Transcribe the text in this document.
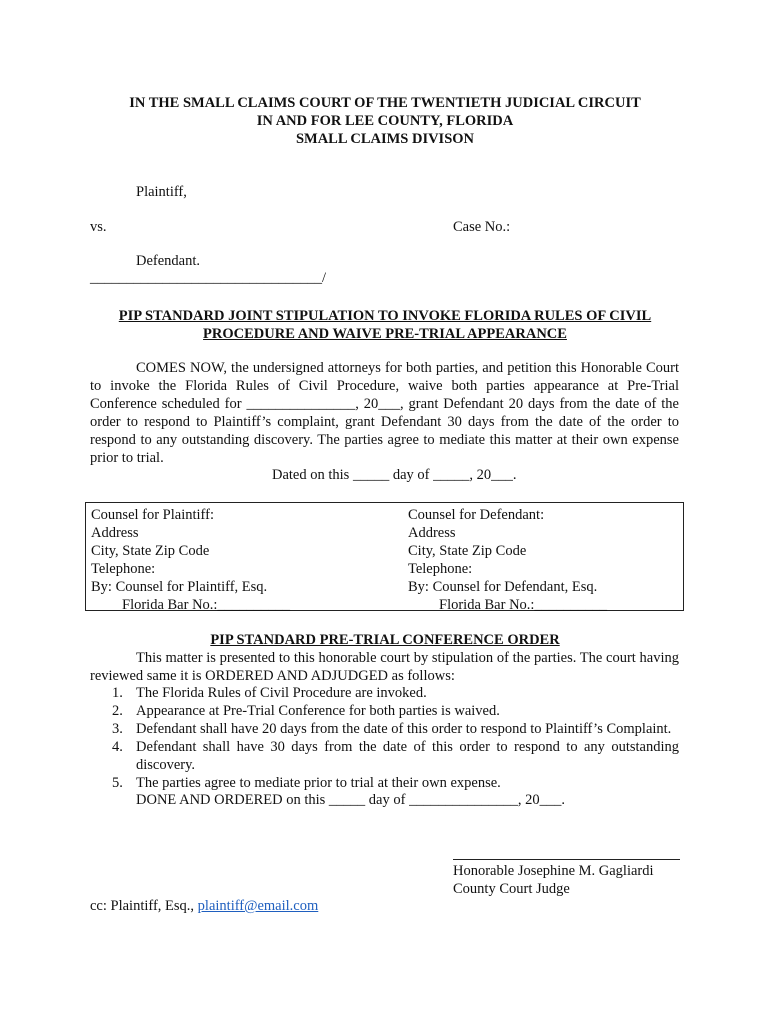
IN THE SMALL CLAIMS COURT OF THE TWENTIETH JUDICIAL CIRCUIT
IN AND FOR LEE COUNTY, FLORIDA
SMALL CLAIMS DIVISON
Plaintiff,
vs.	Case No.:
Defendant.
________________________________/
PIP STANDARD JOINT STIPULATION TO INVOKE FLORIDA RULES OF CIVIL
PROCEDURE AND WAIVE PRE-TRIAL APPEARANCE
COMES NOW, the undersigned attorneys for both parties, and petition this Honorable Court to invoke the Florida Rules of Civil Procedure, waive both parties appearance at Pre-Trial Conference scheduled for _______________, 20___, grant Defendant 20 days from the date of the order to respond to Plaintiff’s complaint, grant Defendant 30 days from the date of the order to respond to any outstanding discovery. The parties agree to mediate this matter at their own expense prior to trial.
Dated on this _____ day of _____, 20___.
Counsel for Plaintiff:
Address
City, State Zip Code
Telephone:
By: Counsel for Plaintiff, Esq.
Florida Bar No.:__________
Counsel for Defendant:
Address
City, State Zip Code
Telephone:
By: Counsel for Defendant, Esq.
Florida Bar No.:__________
PIP STANDARD PRE-TRIAL CONFERENCE ORDER
This matter is presented to this honorable court by stipulation of the parties. The court having reviewed same it is ORDERED AND ADJUDGED as follows:
1. The Florida Rules of Civil Procedure are invoked.
2. Appearance at Pre-Trial Conference for both parties is waived.
3. Defendant shall have 20 days from the date of this order to respond to Plaintiff’s Complaint.
4. Defendant shall have 30 days from the date of this order to respond to any outstanding discovery.
5. The parties agree to mediate prior to trial at their own expense.
DONE AND ORDERED on this _____ day of _______________, 20___.
Honorable Josephine M. Gagliardi
County Court Judge
cc: Plaintiff, Esq., plaintiff@email.com
